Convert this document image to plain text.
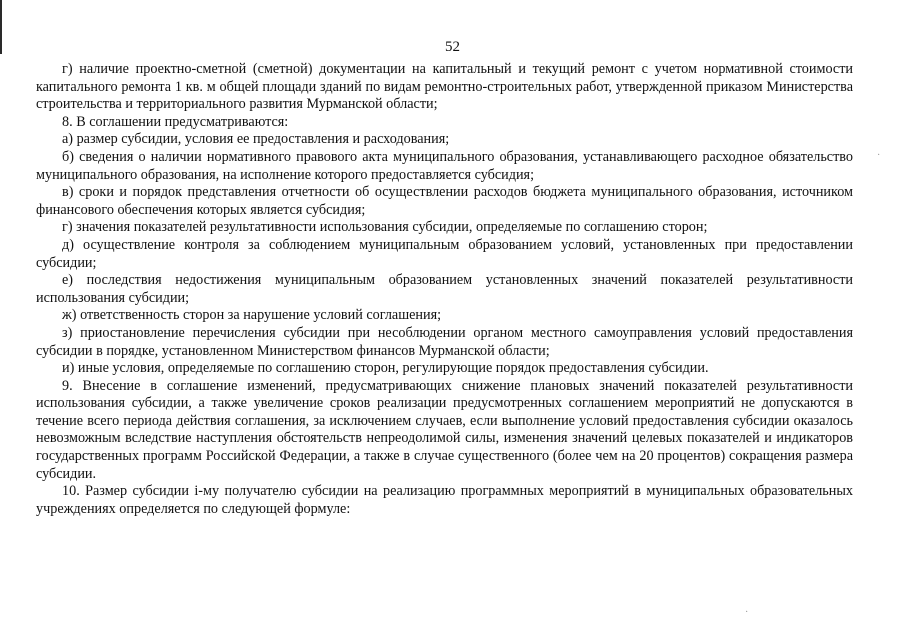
52

г) наличие проектно-сметной (сметной) документации на капитальный и текущий ремонт с учетом нормативной стоимости капитального ремонта 1 кв. м общей площади зданий по видам ремонтно-строительных работ, утвержденной приказом Министерства строительства и территориального развития Мурманской области;

8. В соглашении предусматриваются:

а) размер субсидии, условия ее предоставления и расходования;

б) сведения о наличии нормативного правового акта муниципального образования, устанавливающего расходное обязательство муниципального образования, на исполнение которого предоставляется субсидия;

в) сроки и порядок представления отчетности об осуществлении расходов бюджета муниципального образования, источником финансового обеспечения которых является субсидия;

г) значения показателей результативности использования субсидии, определяемые по соглашению сторон;

д) осуществление контроля за соблюдением муниципальным образованием условий, установленных при предоставлении субсидии;

е) последствия недостижения муниципальным образованием установленных значений показателей результативности использования субсидии;

ж) ответственность сторон за нарушение условий соглашения;

з) приостановление перечисления субсидии при несоблюдении органом местного самоуправления условий предоставления субсидии в порядке, установленном Министерством финансов Мурманской области;

и) иные условия, определяемые по соглашению сторон, регулирующие порядок предоставления субсидии.

9. Внесение в соглашение изменений, предусматривающих снижение плановых значений показателей результативности использования субсидии, а также увеличение сроков реализации предусмотренных соглашением мероприятий не допускаются в течение всего периода действия соглашения, за исключением случаев, если выполнение условий предоставления субсидии оказалось невозможным вследствие наступления обстоятельств непреодолимой силы, изменения значений целевых показателей и индикаторов государственных программ Российской Федерации, а также в случае существенного (более чем на 20 процентов) сокращения размера субсидии.

10. Размер субсидии i-му получателю субсидии на реализацию программных мероприятий в муниципальных образовательных учреждениях определяется по следующей формуле:

·
·
